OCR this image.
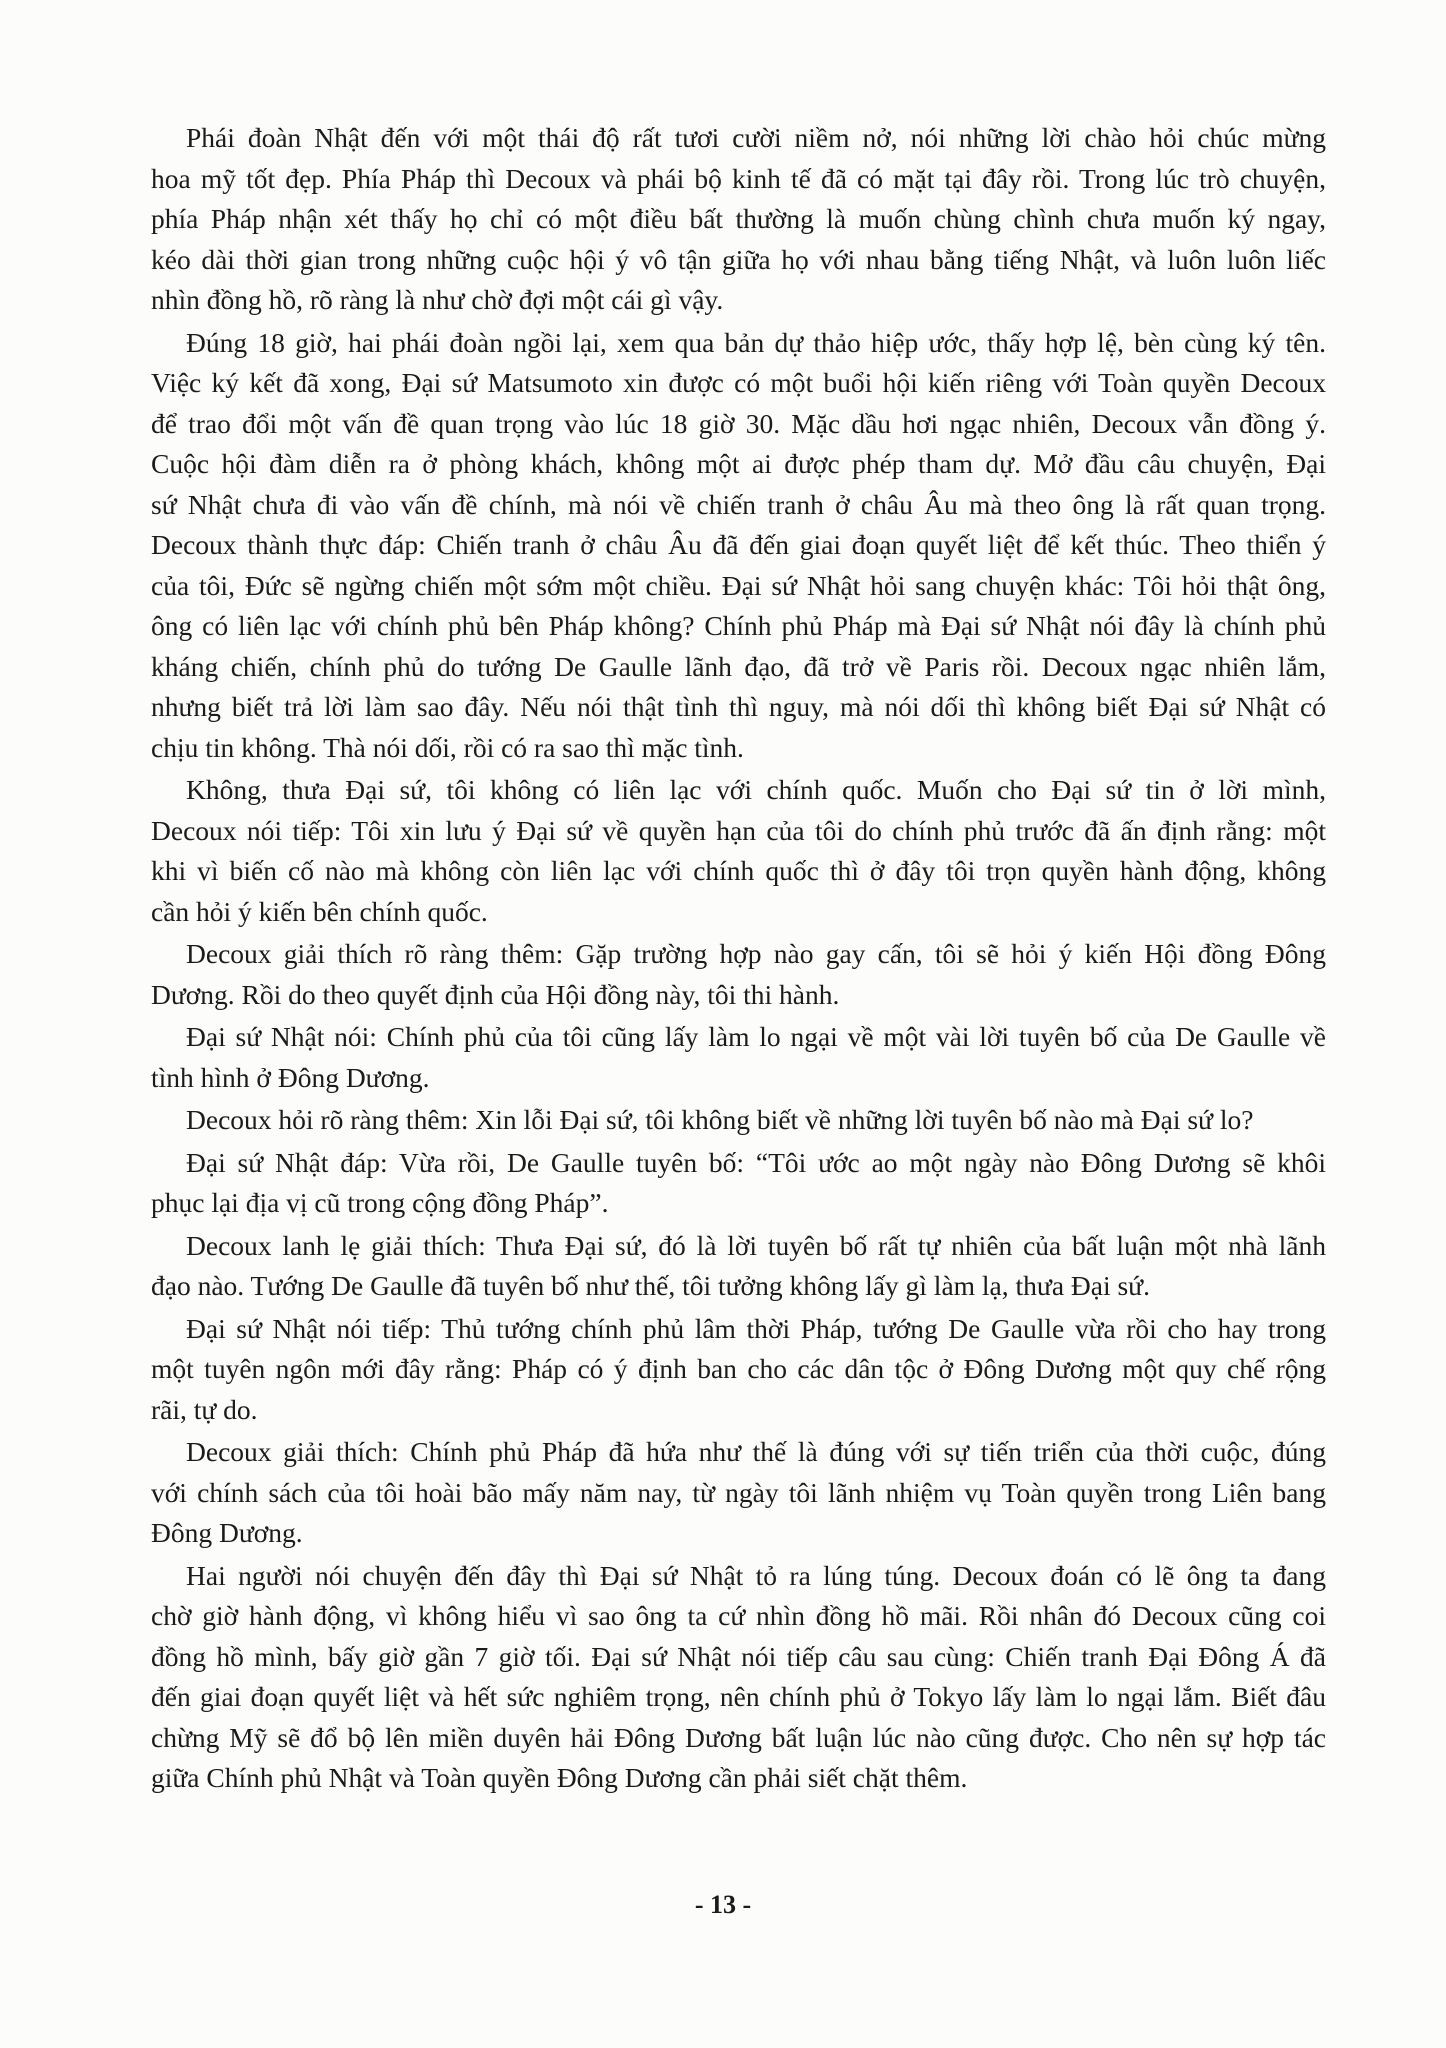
Phái đoàn Nhật đến với một thái độ rất tươi cười niềm nở, nói những lời chào hỏi chúc mừng
hoa mỹ tốt đẹp. Phía Pháp thì Decoux và phái bộ kinh tế đã có mặt tại đây rồi. Trong lúc trò chuyện,
phía Pháp nhận xét thấy họ chỉ có một điều bất thường là muốn chùng chình chưa muốn ký ngay,
kéo dài thời gian trong những cuộc hội ý vô tận giữa họ với nhau bằng tiếng Nhật, và luôn luôn liếc
nhìn đồng hồ, rõ ràng là như chờ đợi một cái gì vậy.
Đúng 18 giờ, hai phái đoàn ngồi lại, xem qua bản dự thảo hiệp ước, thấy hợp lệ, bèn cùng ký tên.
Việc ký kết đã xong, Đại sứ Matsumoto xin được có một buổi hội kiến riêng với Toàn quyền Decoux
để trao đổi một vấn đề quan trọng vào lúc 18 giờ 30. Mặc dầu hơi ngạc nhiên, Decoux vẫn đồng ý.
Cuộc hội đàm diễn ra ở phòng khách, không một ai được phép tham dự. Mở đầu câu chuyện, Đại
sứ Nhật chưa đi vào vấn đề chính, mà nói về chiến tranh ở châu Âu mà theo ông là rất quan trọng.
Decoux thành thực đáp: Chiến tranh ở châu Âu đã đến giai đoạn quyết liệt để kết thúc. Theo thiển ý
của tôi, Đức sẽ ngừng chiến một sớm một chiều. Đại sứ Nhật hỏi sang chuyện khác: Tôi hỏi thật ông,
ông có liên lạc với chính phủ bên Pháp không? Chính phủ Pháp mà Đại sứ Nhật nói đây là chính phủ
kháng chiến, chính phủ do tướng De Gaulle lãnh đạo, đã trở về Paris rồi. Decoux ngạc nhiên lắm,
nhưng biết trả lời làm sao đây. Nếu nói thật tình thì nguy, mà nói dối thì không biết Đại sứ Nhật có
chịu tin không. Thà nói dối, rồi có ra sao thì mặc tình.
Không, thưa Đại sứ, tôi không có liên lạc với chính quốc. Muốn cho Đại sứ tin ở lời mình,
Decoux nói tiếp: Tôi xin lưu ý Đại sứ về quyền hạn của tôi do chính phủ trước đã ấn định rằng: một
khi vì biến cố nào mà không còn liên lạc với chính quốc thì ở đây tôi trọn quyền hành động, không
cần hỏi ý kiến bên chính quốc.
Decoux giải thích rõ ràng thêm: Gặp trường hợp nào gay cấn, tôi sẽ hỏi ý kiến Hội đồng Đông
Dương. Rồi do theo quyết định của Hội đồng này, tôi thi hành.
Đại sứ Nhật nói: Chính phủ của tôi cũng lấy làm lo ngại về một vài lời tuyên bố của De Gaulle về
tình hình ở Đông Dương.
Decoux hỏi rõ ràng thêm: Xin lỗi Đại sứ, tôi không biết về những lời tuyên bố nào mà Đại sứ lo?
Đại sứ Nhật đáp: Vừa rồi, De Gaulle tuyên bố: “Tôi ước ao một ngày nào Đông Dương sẽ khôi
phục lại địa vị cũ trong cộng đồng Pháp”.
Decoux lanh lẹ giải thích: Thưa Đại sứ, đó là lời tuyên bố rất tự nhiên của bất luận một nhà lãnh
đạo nào. Tướng De Gaulle đã tuyên bố như thế, tôi tưởng không lấy gì làm lạ, thưa Đại sứ.
Đại sứ Nhật nói tiếp: Thủ tướng chính phủ lâm thời Pháp, tướng De Gaulle vừa rồi cho hay trong
một tuyên ngôn mới đây rằng: Pháp có ý định ban cho các dân tộc ở Đông Dương một quy chế rộng
rãi, tự do.
Decoux giải thích: Chính phủ Pháp đã hứa như thế là đúng với sự tiến triển của thời cuộc, đúng
với chính sách của tôi hoài bão mấy năm nay, từ ngày tôi lãnh nhiệm vụ Toàn quyền trong Liên bang
Đông Dương.
Hai người nói chuyện đến đây thì Đại sứ Nhật tỏ ra lúng túng. Decoux đoán có lẽ ông ta đang
chờ giờ hành động, vì không hiểu vì sao ông ta cứ nhìn đồng hồ mãi. Rồi nhân đó Decoux cũng coi
đồng hồ mình, bấy giờ gần 7 giờ tối. Đại sứ Nhật nói tiếp câu sau cùng: Chiến tranh Đại Đông Á đã
đến giai đoạn quyết liệt và hết sức nghiêm trọng, nên chính phủ ở Tokyo lấy làm lo ngại lắm. Biết đâu
chừng Mỹ sẽ đổ bộ lên miền duyên hải Đông Dương bất luận lúc nào cũng được. Cho nên sự hợp tác
giữa Chính phủ Nhật và Toàn quyền Đông Dương cần phải siết chặt thêm.
- 13 -
